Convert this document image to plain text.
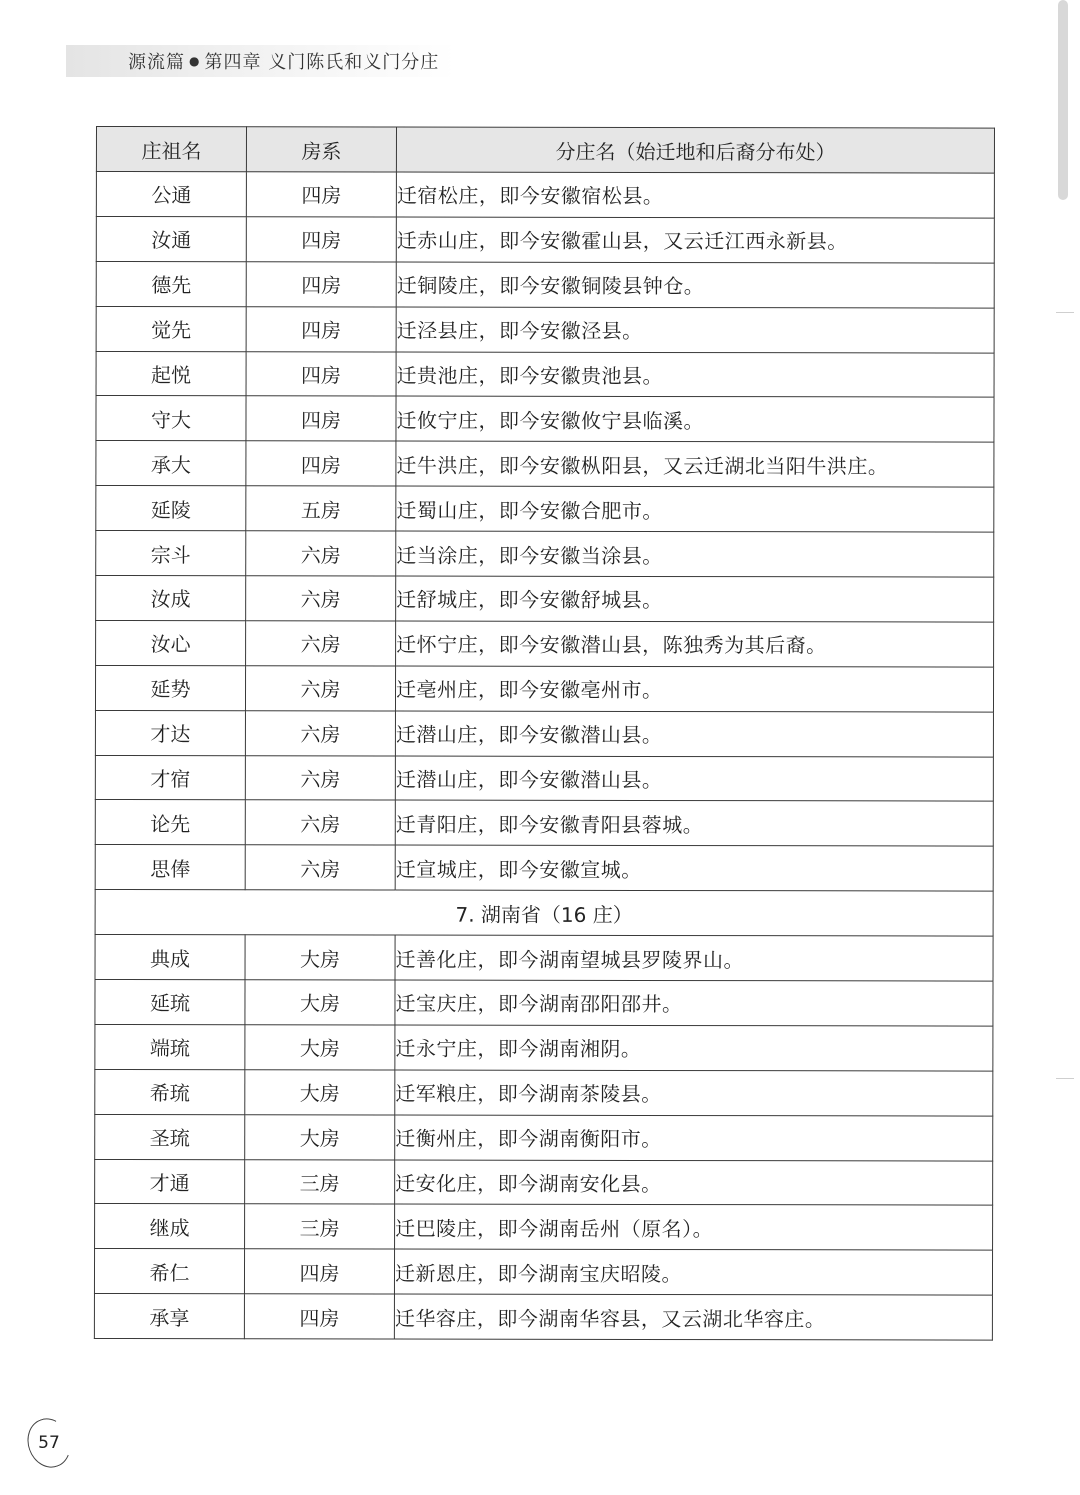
源流篇 ● 第四章 义门陈氏和义门分庄
庄祖名	房系	分庄名（始迁地和后裔分布处）
公通	四房	迁宿松庄，即今安徽宿松县。
汝通	四房	迁赤山庄，即今安徽霍山县，又云迁江西永新县。
德先	四房	迁铜陵庄，即今安徽铜陵县钟仓。
觉先	四房	迁泾县庄，即今安徽泾县。
起悦	四房	迁贵池庄，即今安徽贵池县。
守大	四房	迁攸宁庄，即今安徽攸宁县临溪。
承大	四房	迁牛洪庄，即今安徽枞阳县，又云迁湖北当阳牛洪庄。
延陵	五房	迁蜀山庄，即今安徽合肥市。
宗斗	六房	迁当涂庄，即今安徽当涂县。
汝成	六房	迁舒城庄，即今安徽舒城县。
汝心	六房	迁怀宁庄，即今安徽潜山县，陈独秀为其后裔。
延势	六房	迁亳州庄，即今安徽亳州市。
才达	六房	迁潜山庄，即今安徽潜山县。
才宿	六房	迁潜山庄，即今安徽潜山县。
论先	六房	迁青阳庄，即今安徽青阳县蓉城。
思俸	六房	迁宣城庄，即今安徽宣城。
7. 湖南省（16 庄）		
典成	大房	迁善化庄，即今湖南望城县罗陵界山。
延琉	大房	迁宝庆庄，即今湖南邵阳邵井。
端琉	大房	迁永宁庄，即今湖南湘阴。
希琉	大房	迁军粮庄，即今湖南茶陵县。
圣琉	大房	迁衡州庄，即今湖南衡阳市。
才通	三房	迁安化庄，即今湖南安化县。
继成	三房	迁巴陵庄，即今湖南岳州（原名）。
希仁	四房	迁新恩庄，即今湖南宝庆昭陵。
承享	四房	迁华容庄，即今湖南华容县，又云湖北华容庄。
57
